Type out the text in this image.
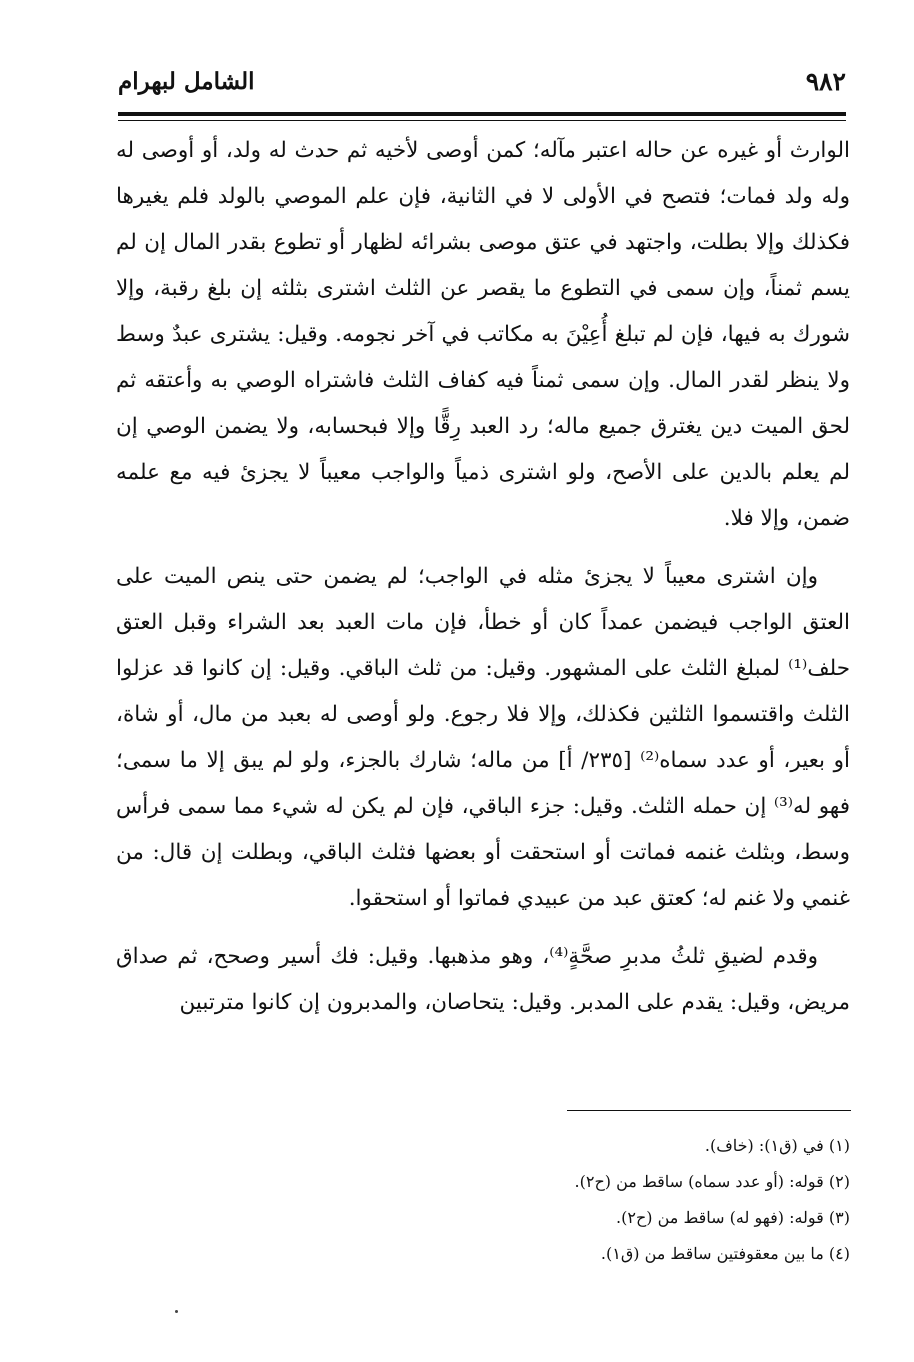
٩٨٢
الشامل لبهرام

الوارث أو غيره عن حاله اعتبر مآله؛ كمن أوصى لأخيه ثم حدث له ولد، أو أوصى له وله ولد فمات؛ فتصح في الأولى لا في الثانية، فإن علم الموصي بالولد فلم يغيرها فكذلك وإلا بطلت، واجتهد في عتق موصى بشرائه لظهار أو تطوع بقدر المال إن لم يسم ثمناً، وإن سمى في التطوع ما يقصر عن الثلث اشترى بثلثه إن بلغ رقبة، وإلا شورك به فيها، فإن لم تبلغ أُعِيْنَ به مكاتب في آخر نجومه. وقيل: يشترى عبدٌ وسط ولا ينظر لقدر المال. وإن سمى ثمناً فيه كفاف الثلث فاشتراه الوصي به وأعتقه ثم لحق الميت دين يغترق جميع ماله؛ رد العبد رِقًّا وإلا فبحسابه، ولا يضمن الوصي إن لم يعلم بالدين على الأصح، ولو اشترى ذمياً والواجب معيباً لا يجزئ فيه مع علمه ضمن، وإلا فلا.

وإن اشترى معيباً لا يجزئ مثله في الواجب؛ لم يضمن حتى ينص الميت على العتق الواجب فيضمن عمداً كان أو خطأ، فإن مات العبد بعد الشراء وقبل العتق حلف⁽¹⁾ لمبلغ الثلث على المشهور. وقيل: من ثلث الباقي. وقيل: إن كانوا قد عزلوا الثلث واقتسموا الثلثين فكذلك، وإلا فلا رجوع. ولو أوصى له بعبد من مال، أو شاة، أو بعير، أو عدد سماه⁽²⁾ [٢٣٥/ أ] من ماله؛ شارك بالجزء، ولو لم يبق إلا ما سمى؛ فهو له⁽³⁾ إن حمله الثلث. وقيل: جزء الباقي، فإن لم يكن له شيء مما سمى فرأس وسط، وبثلث غنمه فماتت أو استحقت أو بعضها فثلث الباقي، وبطلت إن قال: من غنمي ولا غنم له؛ كعتق عبد من عبيدي فماتوا أو استحقوا.

وقدم لضيقِ ثلثُ مدبرِ صحَّةٍ⁽⁴⁾، وهو مذهبها. وقيل: فك أسير وصحح، ثم صداق مريض، وقيل: يقدم على المدبر. وقيل: يتحاصان، والمدبرون إن كانوا مترتبين

(١) في (ق١): (خاف).

(٢) قوله: (أو عدد سماه) ساقط من (ح٢).

(٣) قوله: (فهو له) ساقط من (ح٢).

(٤) ما بين معقوفتين ساقط من (ق١).
